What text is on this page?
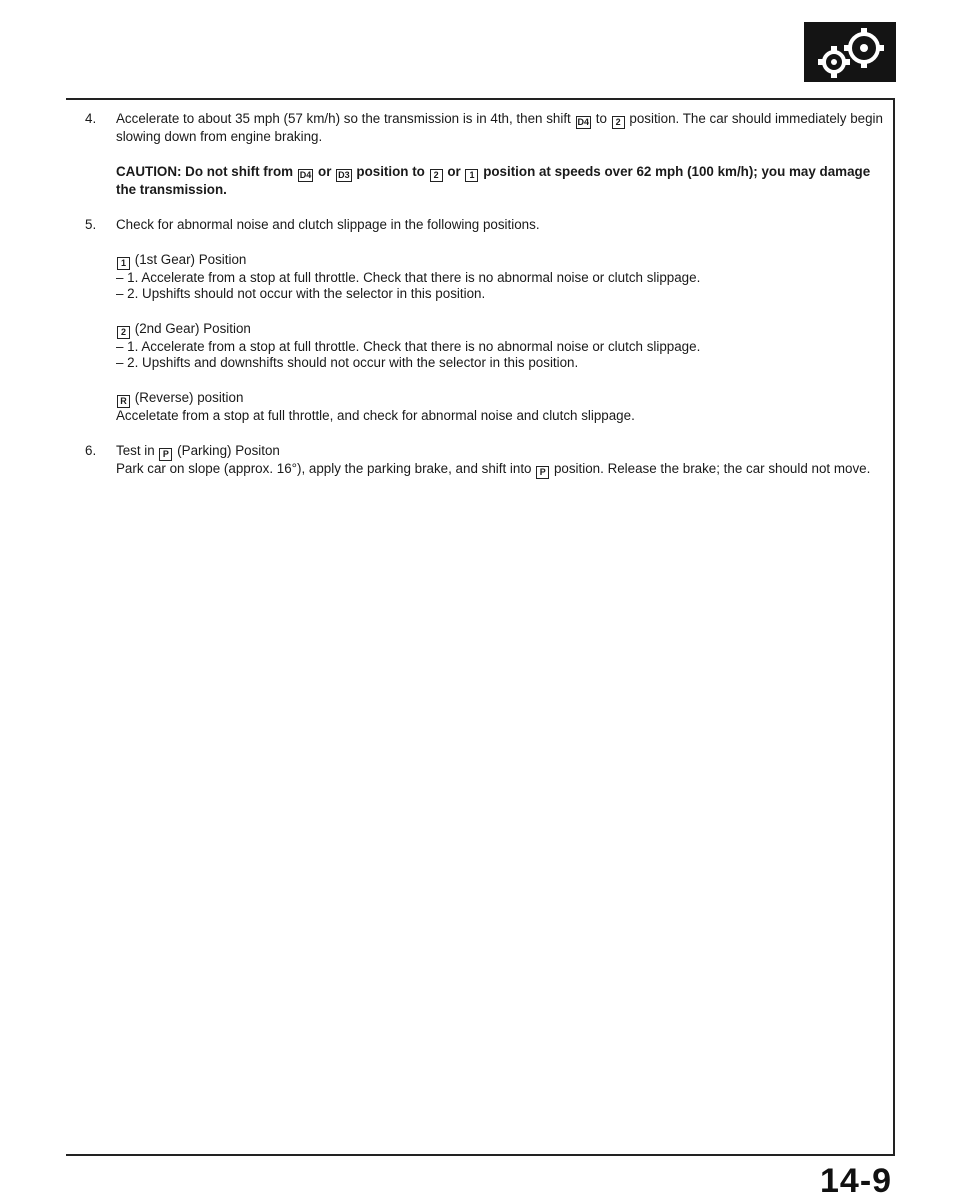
4.	Accelerate to about 35 mph (57 km/h) so the transmission is in 4th, then shift D4 to 2 position. The car should immediately begin slowing down from engine braking.
CAUTION: Do not shift from D4 or D3 position to 2 or 1 position at speeds over 62 mph (100 km/h); you may damage the transmission.
5.	Check for abnormal noise and clutch slippage in the following positions.
1 (1st Gear) Position
– 1. Accelerate from a stop at full throttle. Check that there is no abnormal noise or clutch slippage.
– 2. Upshifts should not occur with the selector in this position.
2 (2nd Gear) Position
– 1. Accelerate from a stop at full throttle. Check that there is no abnormal noise or clutch slippage.
– 2. Upshifts and downshifts should not occur with the selector in this position.
R (Reverse) position
Acceletate from a stop at full throttle, and check for abnormal noise and clutch slippage.
6.	Test in P (Parking) Positon
Park car on slope (approx. 16°), apply the parking brake, and shift into P position. Release the brake; the car should not move.
14-9
